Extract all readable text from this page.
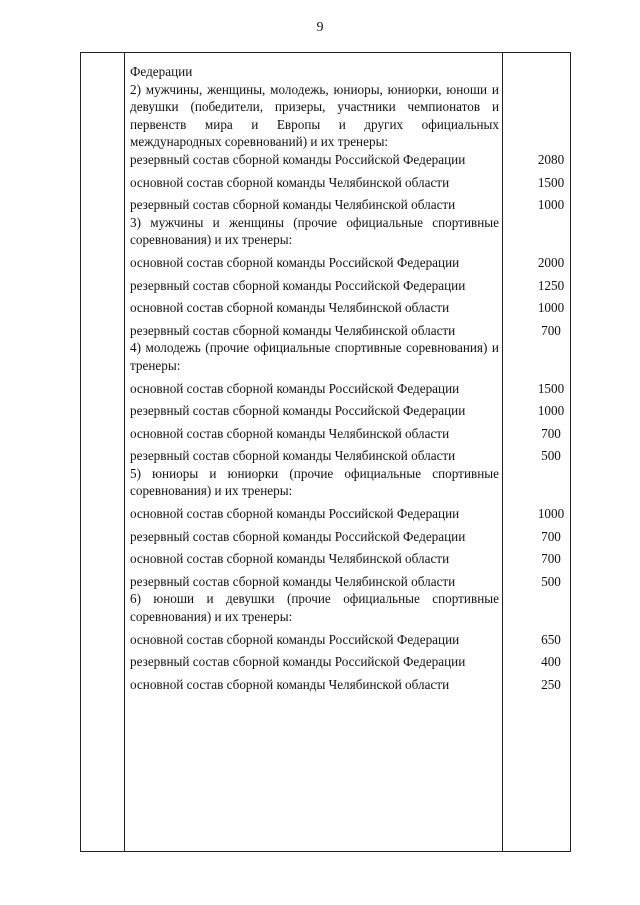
9
Федерации
2) мужчины, женщины, молодежь, юниоры, юниорки, юноши и девушки (победители, призеры, участники чемпионатов и первенств мира и Европы и других официальных международных соревнований) и их тренеры:
резервный состав сборной команды Российской Федерации	2080
основной состав сборной команды Челябинской области	1500
резервный состав сборной команды Челябинской области	1000
3) мужчины и женщины (прочие официальные спортивные соревнования) и их тренеры:
основной состав сборной команды Российской Федерации	2000
резервный состав сборной команды Российской Федерации	1250
основной состав сборной команды Челябинской области	1000
резервный состав сборной команды Челябинской области	700
4) молодежь (прочие официальные спортивные соревнования) и тренеры:
основной состав сборной команды Российской Федерации	1500
резервный состав сборной команды Российской Федерации	1000
основной состав сборной команды Челябинской области	700
резервный состав сборной команды Челябинской области	500
5) юниоры и юниорки (прочие официальные спортивные соревнования) и их тренеры:
основной состав сборной команды Российской Федерации	1000
резервный состав сборной команды Российской Федерации	700
основной состав сборной команды Челябинской области	700
резервный состав сборной команды Челябинской области	500
6) юноши и девушки (прочие официальные спортивные соревнования) и их тренеры:
основной состав сборной команды Российской Федерации	650
резервный состав сборной команды Российской Федерации	400
основной состав сборной команды Челябинской области	250
